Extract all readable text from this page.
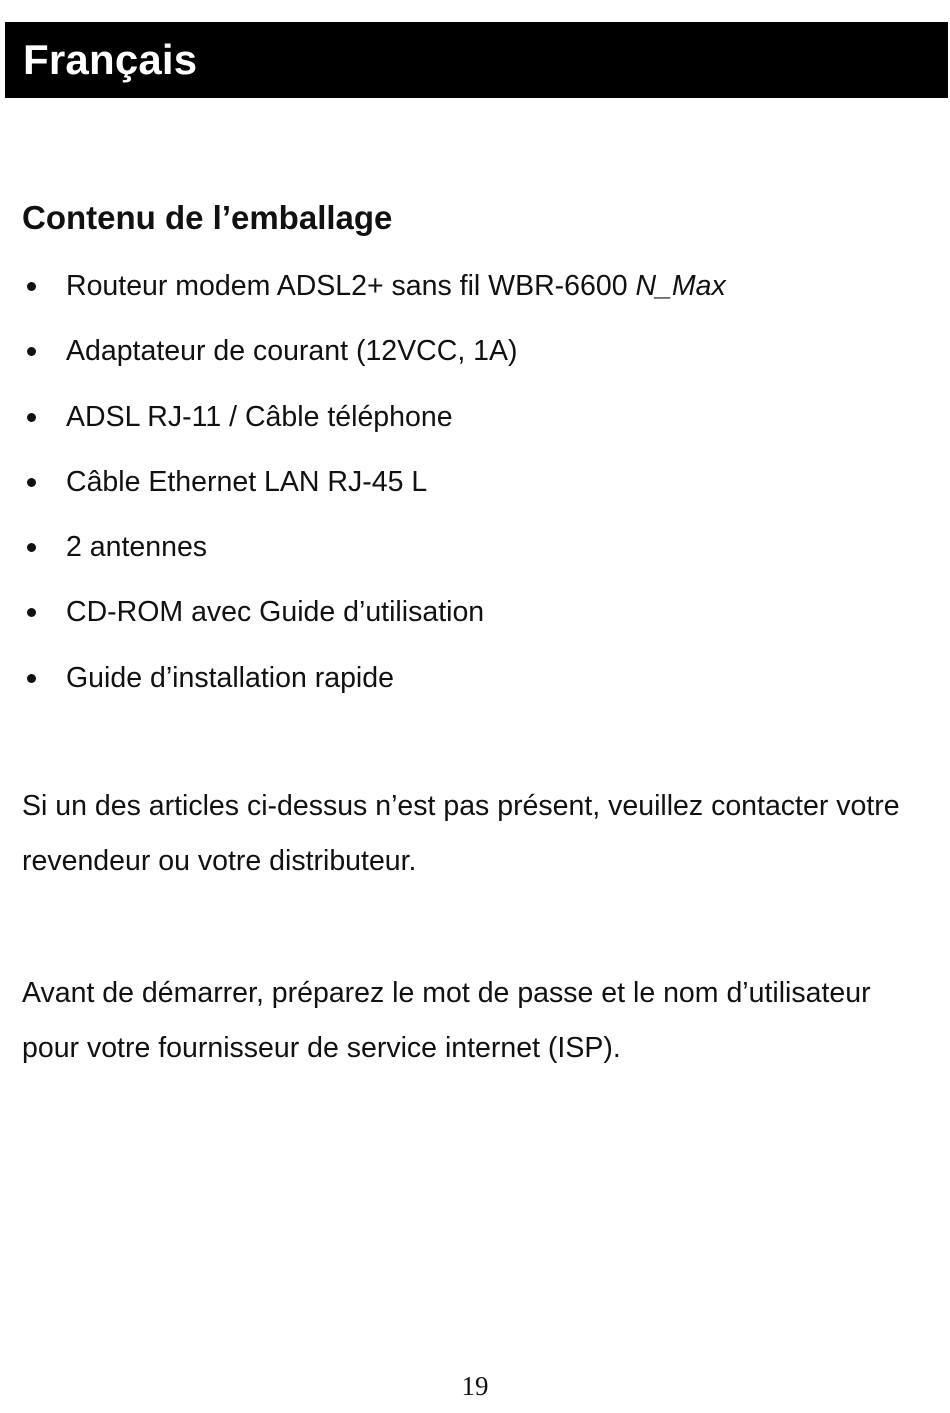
Français
Contenu de l’emballage
Routeur modem ADSL2+ sans fil WBR-6600 N_Max
Adaptateur de courant (12VCC, 1A)
ADSL RJ-11 / Câble téléphone
Câble Ethernet LAN RJ-45 L
2 antennes
CD-ROM avec Guide d’utilisation
Guide d’installation rapide

Si un des articles ci-dessus n’est pas présent, veuillez contacter votre revendeur ou votre distributeur.

Avant de démarrer, préparez le mot de passe et le nom d’utilisateur pour votre fournisseur de service internet (ISP).

19
